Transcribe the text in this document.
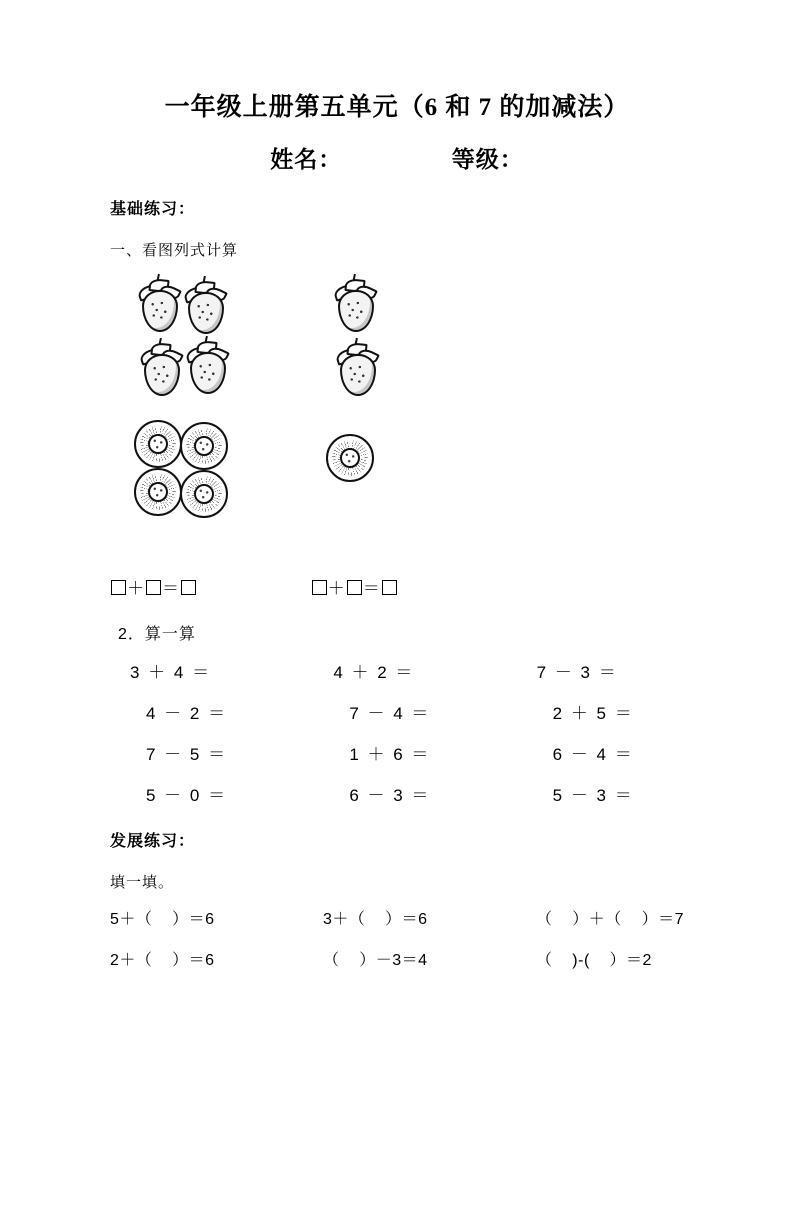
一年级上册第五单元（6 和 7 的加减法）
姓名：	等级：
基础练习：
一、看图列式计算
＋ ＝	＋ ＝
2．算一算
3 ＋ 4 ＝	4 ＋ 2 ＝	7 － 3 ＝
4 － 2 ＝	7 － 4 ＝	2 ＋ 5 ＝
7 － 5 ＝	1 ＋ 6 ＝	6 － 4 ＝
5 － 0 ＝	6 － 3 ＝	5 － 3 ＝
发展练习：
填一填。
5＋（    ）＝6	3＋（    ）＝6	（    ）＋（    ）＝7
2＋（    ）＝6	（    ）－3＝4	（    )-(    ）＝2
